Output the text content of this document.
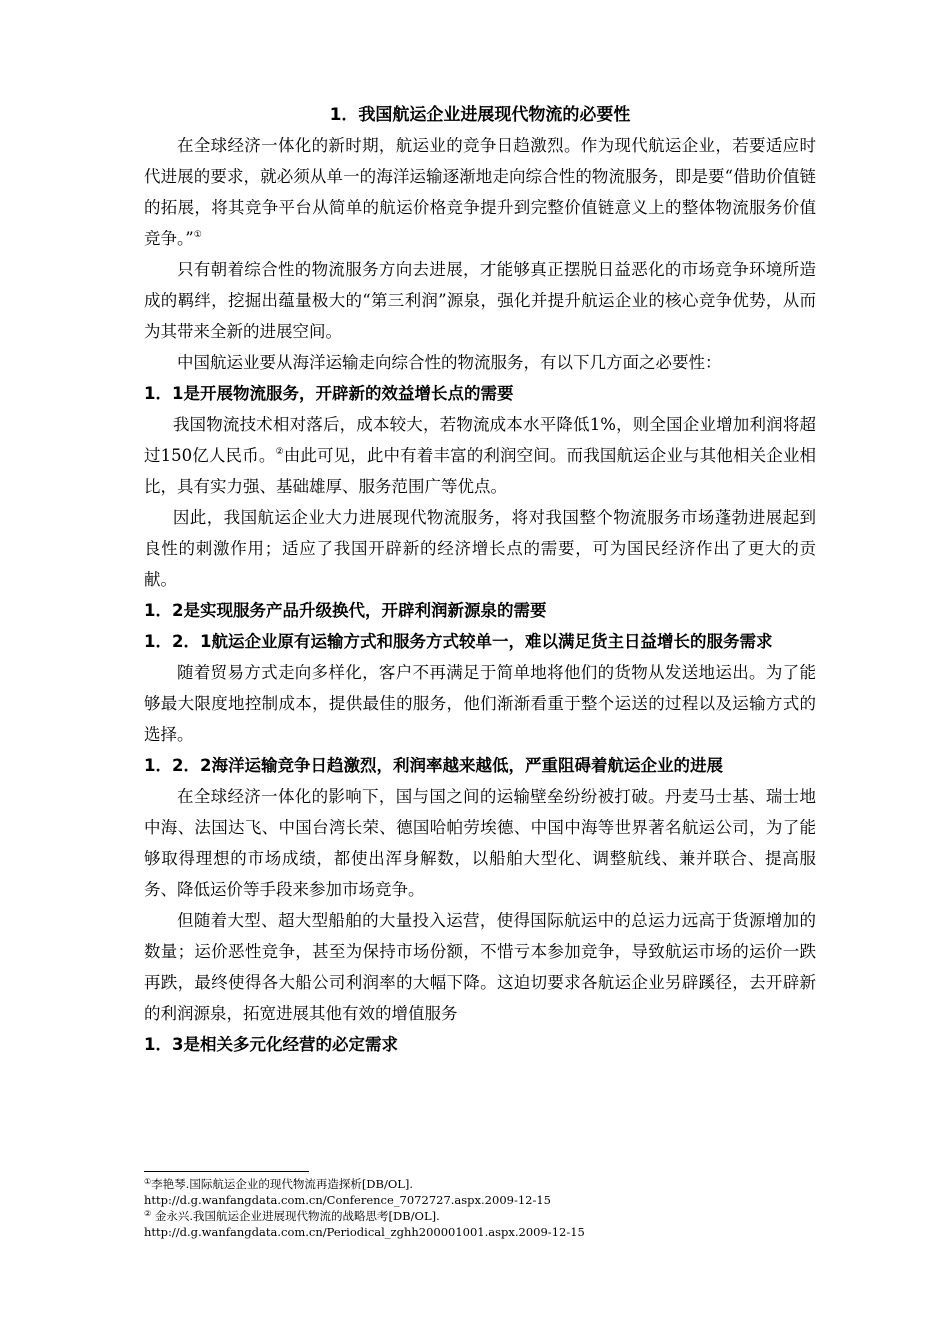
1．我国航运企业进展现代物流的必要性

在全球经济一体化的新时期，航运业的竞争日趋激烈。作为现代航运企业，若要适应时代进展的要求，就必须从单一的海洋运输逐渐地走向综合性的物流服务，即是要“借助价值链的拓展，将其竞争平台从简单的航运价格竞争提升到完整价值链意义上的整体物流服务价值竞争。”①

只有朝着综合性的物流服务方向去进展，才能够真正摆脱日益恶化的市场竞争环境所造成的羁绊，挖掘出蕴量极大的“第三利润”源泉，强化并提升航运企业的核心竞争优势，从而为其带来全新的进展空间。

中国航运业要从海洋运输走向综合性的物流服务，有以下几方面之必要性：

1．1是开展物流服务，开辟新的效益增长点的需要

我国物流技术相对落后，成本较大，若物流成本水平降低1%，则全国企业增加利润将超过150亿人民币。②由此可见，此中有着丰富的利润空间。而我国航运企业与其他相关企业相比，具有实力强、基础雄厚、服务范围广等优点。

因此，我国航运企业大力进展现代物流服务，将对我国整个物流服务市场蓬勃进展起到良性的刺激作用；适应了我国开辟新的经济增长点的需要，可为国民经济作出了更大的贡献。

1．2是实现服务产品升级换代，开辟利润新源泉的需要
1．2．1航运企业原有运输方式和服务方式较单一，难以满足货主日益增长的服务需求

随着贸易方式走向多样化，客户不再满足于简单地将他们的货物从发送地运出。为了能够最大限度地控制成本，提供最佳的服务，他们渐渐看重于整个运送的过程以及运输方式的选择。

1．2．2海洋运输竞争日趋激烈，利润率越来越低，严重阻碍着航运企业的进展

在全球经济一体化的影响下，国与国之间的运输壁垒纷纷被打破。丹麦马士基、瑞士地中海、法国达飞、中国台湾长荣、德国哈帕劳埃德、中国中海等世界著名航运公司，为了能够取得理想的市场成绩，都使出浑身解数，以船舶大型化、调整航线、兼并联合、提高服务、降低运价等手段来参加市场竞争。

但随着大型、超大型船舶的大量投入运营，使得国际航运中的总运力远高于货源增加的数量；运价恶性竞争，甚至为保持市场份额，不惜亏本参加竞争，导致航运市场的运价一跌再跌，最终使得各大船公司利润率的大幅下降。这迫切要求各航运企业另辟蹊径，去开辟新的利润源泉，拓宽进展其他有效的增值服务

1．3是相关多元化经营的必定需求

①李艳琴.国际航运企业的现代物流再造探析[DB/OL].

http://d.g.wanfangdata.com.cn/Conference_7072727.aspx.2009-12-15

② 金永兴.我国航运企业进展现代物流的战略思考[DB/OL].

http://d.g.wanfangdata.com.cn/Periodical_zghh200001001.aspx.2009-12-15
